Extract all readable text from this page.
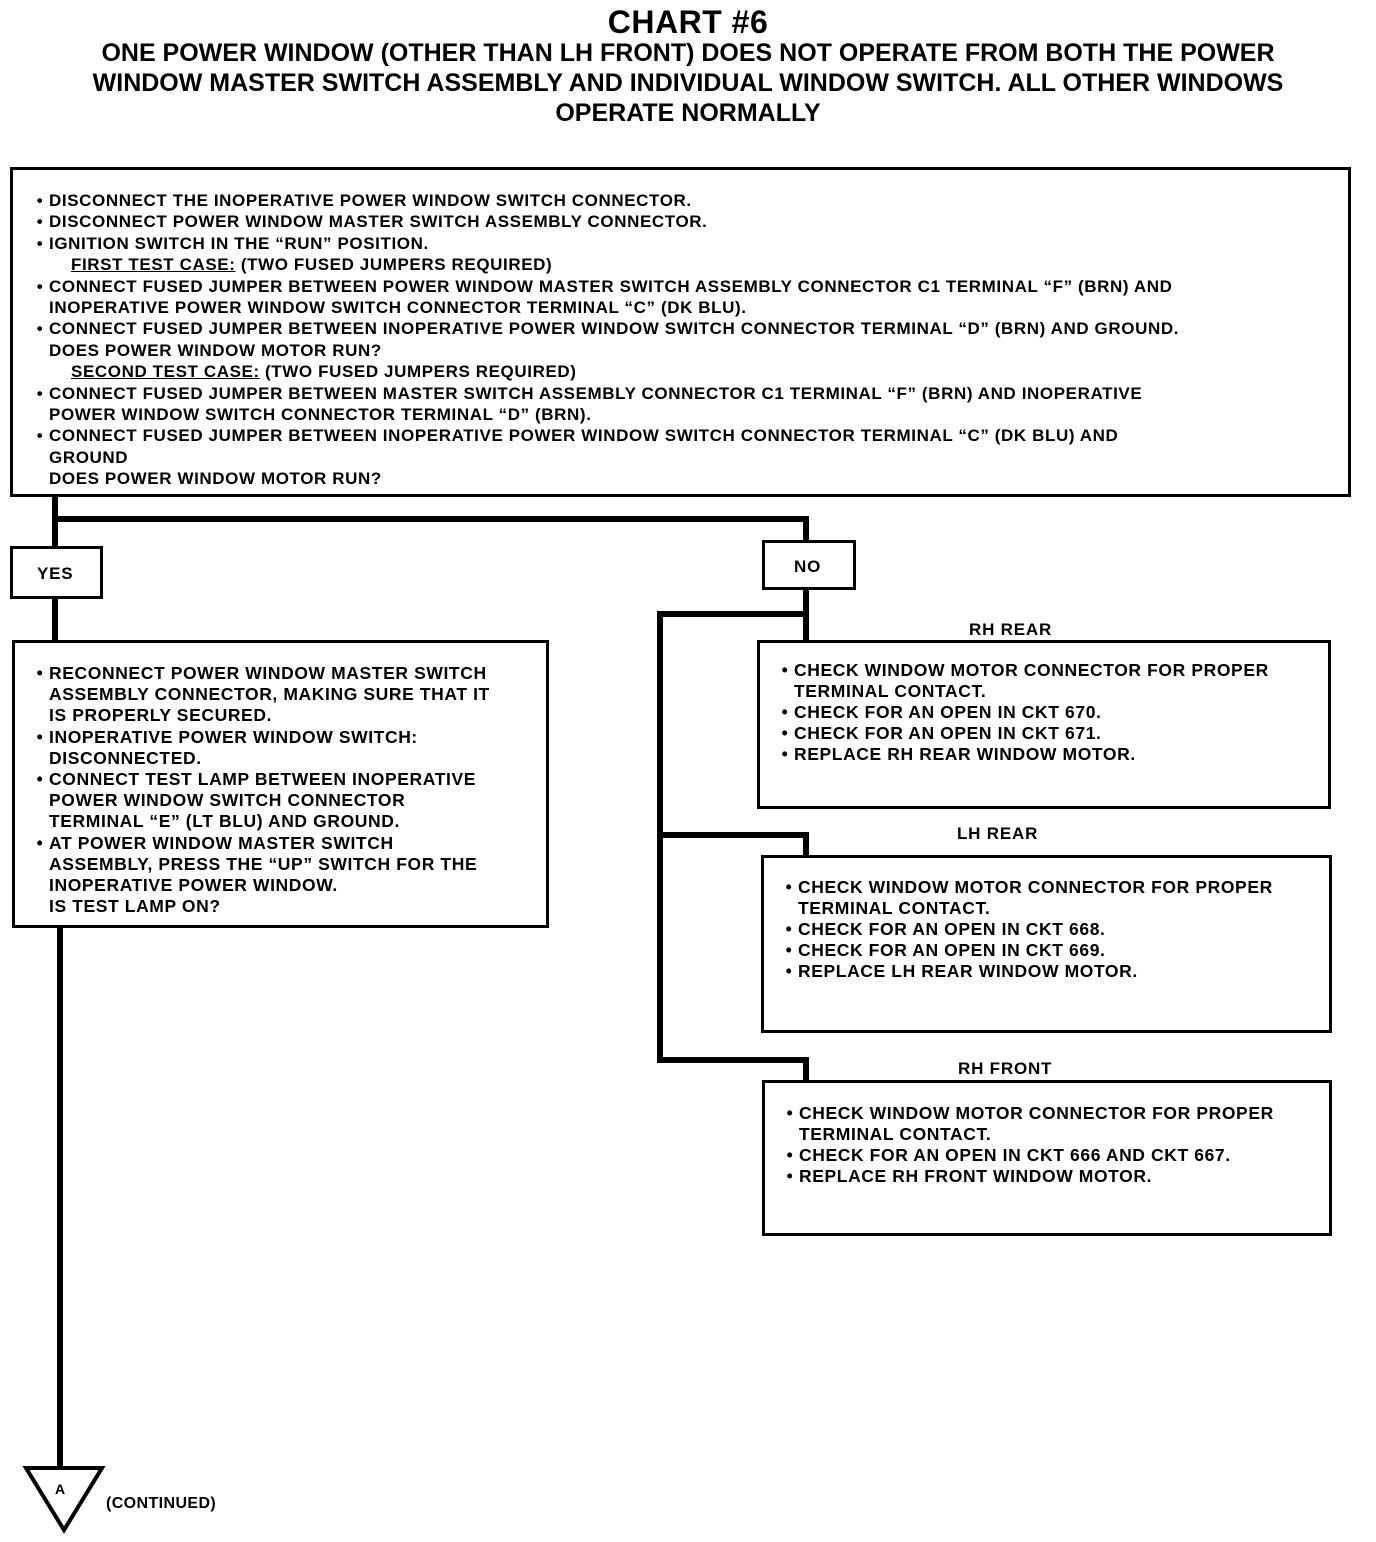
CHART #6
ONE POWER WINDOW (OTHER THAN LH FRONT) DOES NOT OPERATE FROM BOTH THE POWER
WINDOW MASTER SWITCH ASSEMBLY AND INDIVIDUAL WINDOW SWITCH. ALL OTHER WINDOWS
OPERATE NORMALLY
• DISCONNECT THE INOPERATIVE POWER WINDOW SWITCH CONNECTOR.
• DISCONNECT POWER WINDOW MASTER SWITCH ASSEMBLY CONNECTOR.
• IGNITION SWITCH IN THE “RUN” POSITION.
FIRST TEST CASE: (TWO FUSED JUMPERS REQUIRED)
• CONNECT FUSED JUMPER BETWEEN POWER WINDOW MASTER SWITCH ASSEMBLY CONNECTOR C1 TERMINAL “F” (BRN) AND
INOPERATIVE POWER WINDOW SWITCH CONNECTOR TERMINAL “C” (DK BLU).
• CONNECT FUSED JUMPER BETWEEN INOPERATIVE POWER WINDOW SWITCH CONNECTOR TERMINAL “D” (BRN) AND GROUND.
DOES POWER WINDOW MOTOR RUN?
SECOND TEST CASE: (TWO FUSED JUMPERS REQUIRED)
• CONNECT FUSED JUMPER BETWEEN MASTER SWITCH ASSEMBLY CONNECTOR C1 TERMINAL “F” (BRN) AND INOPERATIVE
POWER WINDOW SWITCH CONNECTOR TERMINAL “D” (BRN).
• CONNECT FUSED JUMPER BETWEEN INOPERATIVE POWER WINDOW SWITCH CONNECTOR TERMINAL “C” (DK BLU) AND
GROUND
DOES POWER WINDOW MOTOR RUN?
YES	NO
• RECONNECT POWER WINDOW MASTER SWITCH
ASSEMBLY CONNECTOR, MAKING SURE THAT IT
IS PROPERLY SECURED.
• INOPERATIVE POWER WINDOW SWITCH:
DISCONNECTED.
• CONNECT TEST LAMP BETWEEN INOPERATIVE
POWER WINDOW SWITCH CONNECTOR
TERMINAL “E” (LT BLU) AND GROUND.
• AT POWER WINDOW MASTER SWITCH
ASSEMBLY, PRESS THE “UP” SWITCH FOR THE
INOPERATIVE POWER WINDOW.
IS TEST LAMP ON?
RH REAR
• CHECK WINDOW MOTOR CONNECTOR FOR PROPER
TERMINAL CONTACT.
• CHECK FOR AN OPEN IN CKT 670.
• CHECK FOR AN OPEN IN CKT 671.
• REPLACE RH REAR WINDOW MOTOR.
LH REAR
• CHECK WINDOW MOTOR CONNECTOR FOR PROPER
TERMINAL CONTACT.
• CHECK FOR AN OPEN IN CKT 668.
• CHECK FOR AN OPEN IN CKT 669.
• REPLACE LH REAR WINDOW MOTOR.
RH FRONT
• CHECK WINDOW MOTOR CONNECTOR FOR PROPER
TERMINAL CONTACT.
• CHECK FOR AN OPEN IN CKT 666 AND CKT 667.
• REPLACE RH FRONT WINDOW MOTOR.
A
(CONTINUED)
